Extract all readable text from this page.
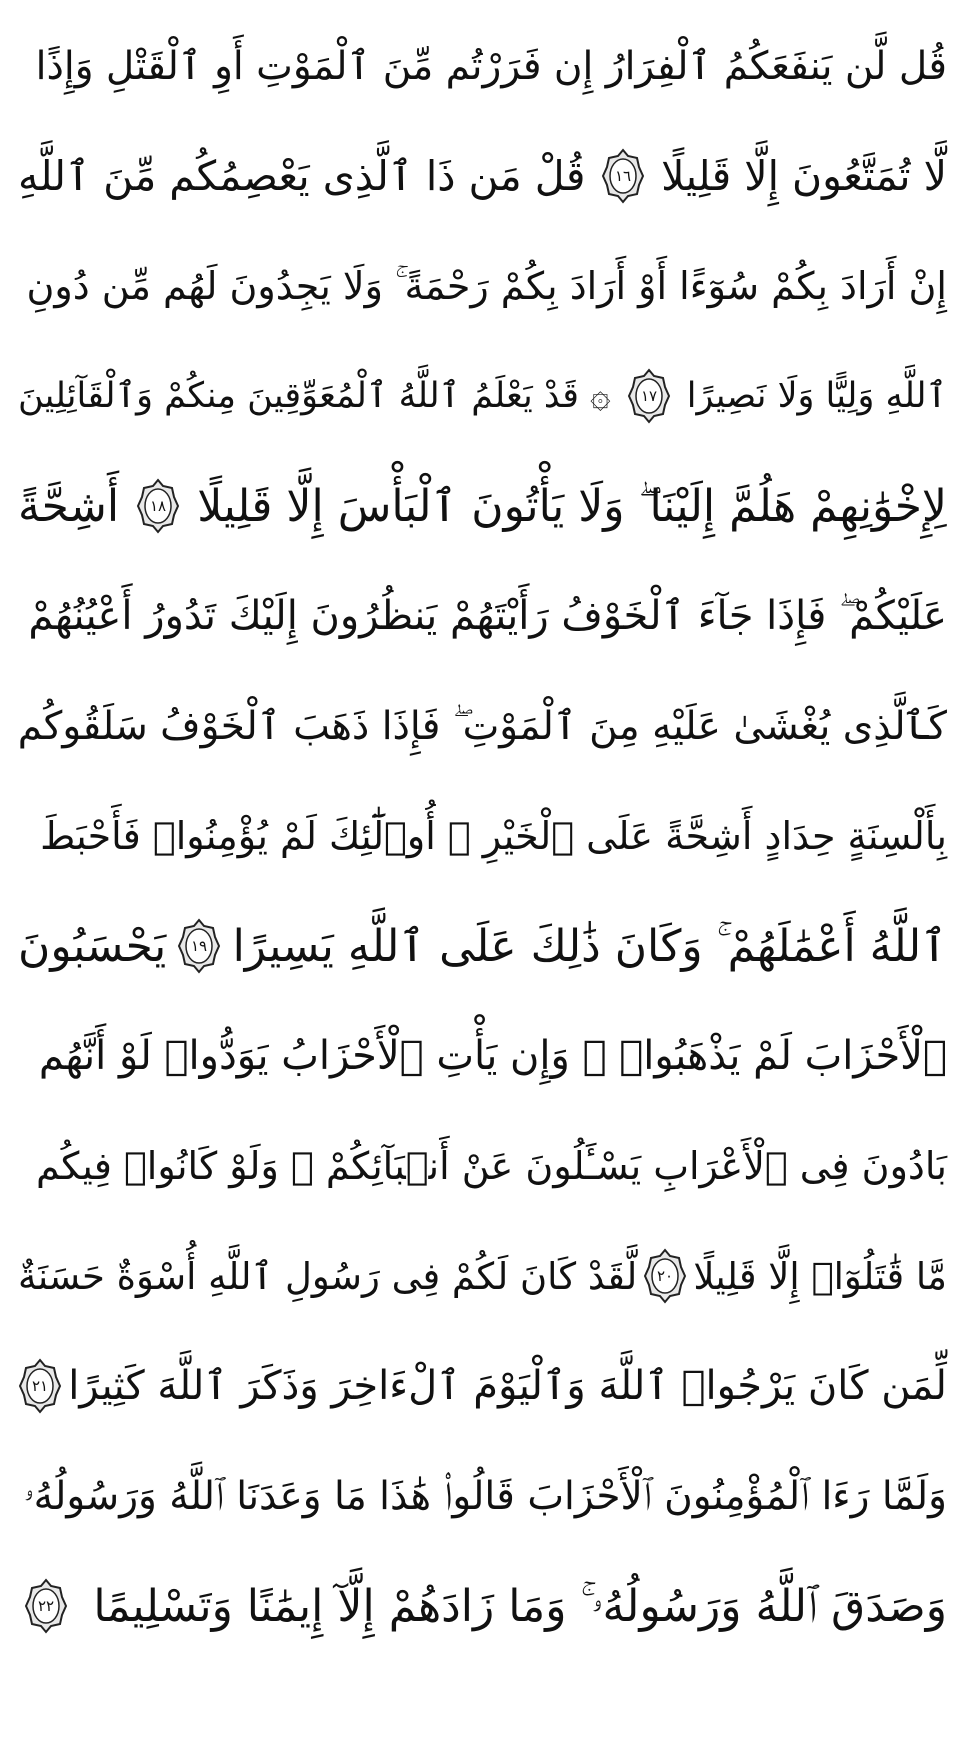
قُل لَّن يَنفَعَكُمُ ٱلْفِرَارُ إِن فَرَرْتُم مِّنَ ٱلْمَوْتِ أَوِ ٱلْقَتْلِ وَإِذًا
لَّا تُمَتَّعُونَ إِلَّا قَلِيلًا
١٦
قُلْ مَن ذَا ٱلَّذِى يَعْصِمُكُم مِّنَ ٱللَّهِ
إِنْ أَرَادَ بِكُمْ سُوٓءًا أَوْ أَرَادَ بِكُمْ رَحْمَةً ۚ وَلَا يَجِدُونَ لَهُم مِّن دُونِ
ٱللَّهِ وَلِيًّا وَلَا نَصِيرًا
١٧
۞ قَدْ يَعْلَمُ ٱللَّهُ ٱلْمُعَوِّقِينَ مِنكُمْ وَٱلْقَآئِلِينَ
لِإِخْوَٰنِهِمْ هَلُمَّ إِلَيْنَا ۖ وَلَا يَأْتُونَ ٱلْبَأْسَ إِلَّا قَلِيلًا
١٨
أَشِحَّةً
عَلَيْكُمْ ۖ فَإِذَا جَآءَ ٱلْخَوْفُ رَأَيْتَهُمْ يَنظُرُونَ إِلَيْكَ تَدُورُ أَعْيُنُهُمْ
كَٱلَّذِى يُغْشَىٰ عَلَيْهِ مِنَ ٱلْمَوْتِ ۖ فَإِذَا ذَهَبَ ٱلْخَوْفُ سَلَقُوكُم
بِأَلْسِنَةٍ حِدَادٍ أَشِحَّةً عَلَى ٱلْخَيْرِ ۚ أُو۟لَٰٓئِكَ لَمْ يُؤْمِنُوا۟ فَأَحْبَطَ
ٱللَّهُ أَعْمَٰلَهُمْ ۚ وَكَانَ ذَٰلِكَ عَلَى ٱللَّهِ يَسِيرًا
١٩
يَحْسَبُونَ
ٱلْأَحْزَابَ لَمْ يَذْهَبُوا۟ ۖ وَإِن يَأْتِ ٱلْأَحْزَابُ يَوَدُّوا۟ لَوْ أَنَّهُم
بَادُونَ فِى ٱلْأَعْرَابِ يَسْـَٔلُونَ عَنْ أَنۢبَآئِكُمْ ۖ وَلَوْ كَانُوا۟ فِيكُم
مَّا قَٰتَلُوٓا۟ إِلَّا قَلِيلًا
٢٠
لَّقَدْ كَانَ لَكُمْ فِى رَسُولِ ٱللَّهِ أُسْوَةٌ حَسَنَةٌ
لِّمَن كَانَ يَرْجُوا۟ ٱللَّهَ وَٱلْيَوْمَ ٱلْءَاخِرَ وَذَكَرَ ٱللَّهَ كَثِيرًا
٢١
وَلَمَّا رَءَا ٱلْمُؤْمِنُونَ ٱلْأَحْزَابَ قَالُوا۟ هَٰذَا مَا وَعَدَنَا ٱللَّهُ وَرَسُولُهُۥ
وَصَدَقَ ٱللَّهُ وَرَسُولُهُۥ ۚ وَمَا زَادَهُمْ إِلَّآ إِيمَٰنًا وَتَسْلِيمًا
٢٢
